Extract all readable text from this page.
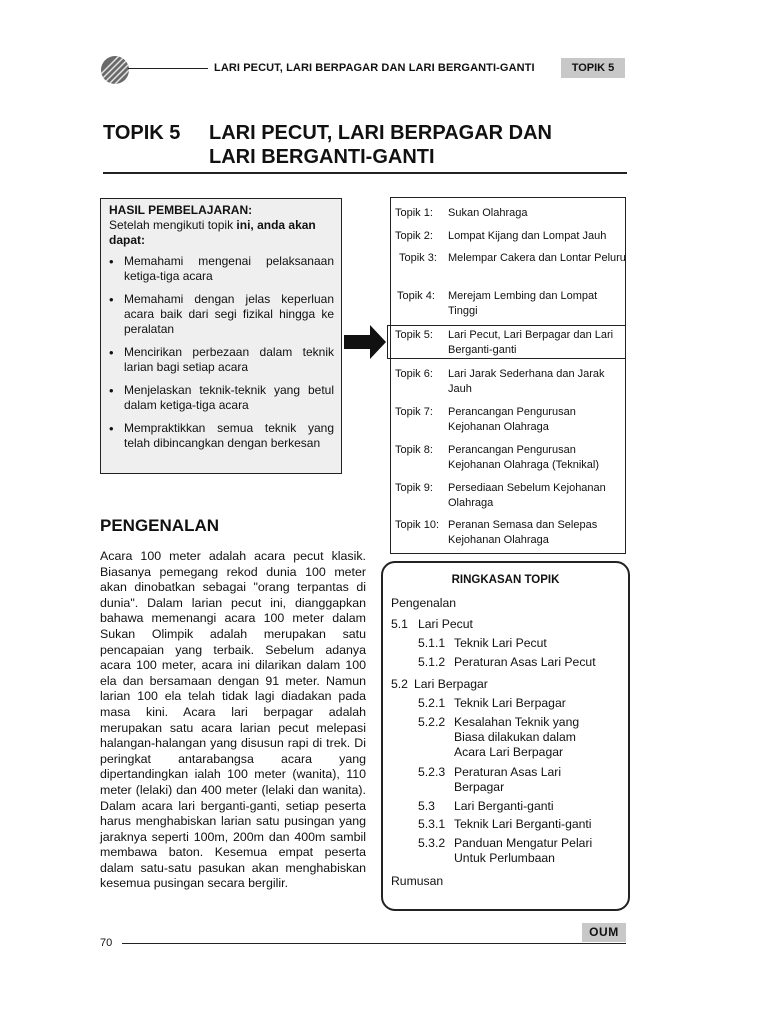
LARI PECUT, LARI BERPAGAR DAN LARI BERGANTI-GANTI	TOPIK 5
TOPIK 5 LARI PECUT, LARI BERPAGAR DAN
LARI BERGANTI-GANTI
HASIL PEMBELAJARAN:
Setelah mengikuti topik ini, anda akan dapat:
• Memahami mengenai pelaksanaan ketiga-tiga acara
• Memahami dengan jelas keperluan acara baik dari segi fizikal hingga ke peralatan
• Mencirikan perbezaan dalam teknik larian bagi setiap acara
• Menjelaskan teknik-teknik yang betul dalam ketiga-tiga acara
• Mempraktikkan semua teknik yang telah dibincangkan dengan berkesan
Topik 1: Sukan Olahraga
Topik 2: Lompat Kijang dan Lompat Jauh
Topik 3: Melempar Cakera dan Lontar Peluru
Topik 4: Merejam Lembing dan Lompat Tinggi
Topik 5: Lari Pecut, Lari Berpagar dan Lari Berganti-ganti
Topik 6: Lari Jarak Sederhana dan Jarak Jauh
Topik 7: Perancangan Pengurusan Kejohanan Olahraga
Topik 8: Perancangan Pengurusan Kejohanan Olahraga (Teknikal)
Topik 9: Persediaan Sebelum Kejohanan Olahraga
Topik 10: Peranan Semasa dan Selepas Kejohanan Olahraga
PENGENALAN
Acara 100 meter adalah acara pecut klasik. Biasanya pemegang rekod dunia 100 meter akan dinobatkan sebagai "orang terpantas di dunia". Dalam larian pecut ini, dianggapkan bahawa memenangi acara 100 meter dalam Sukan Olimpik adalah merupakan satu pencapaian yang terbaik. Sebelum adanya acara 100 meter, acara ini dilarikan dalam 100 ela dan bersamaan dengan 91 meter. Namun larian 100 ela telah tidak lagi diadakan pada masa kini. Acara lari berpagar adalah merupakan satu acara larian pecut melepasi halangan-halangan yang disusun rapi di trek. Di peringkat antarabangsa acara yang dipertandingkan ialah 100 meter (wanita), 110 meter (lelaki) dan 400 meter (lelaki dan wanita). Dalam acara lari berganti-ganti, setiap peserta harus menghabiskan larian satu pusingan yang jaraknya seperti 100m, 200m dan 400m sambil membawa baton. Kesemua empat peserta dalam satu-satu pasukan akan menghabiskan kesemua pusingan secara bergilir.
RINGKASAN TOPIK
Pengenalan
5.1 Lari Pecut
5.1.1 Teknik Lari Pecut
5.1.2 Peraturan Asas Lari Pecut
5.2 Lari Berpagar
5.2.1 Teknik Lari Berpagar
5.2.2 Kesalahan Teknik yang
Biasa dilakukan dalam
Acara Lari Berpagar
5.2.3 Peraturan Asas Lari
Berpagar
5.3 Lari Berganti-ganti
5.3.1 Teknik Lari Berganti-ganti
5.3.2 Panduan Mengatur Pelari
Untuk Perlumbaan
Rumusan
70
OUM
